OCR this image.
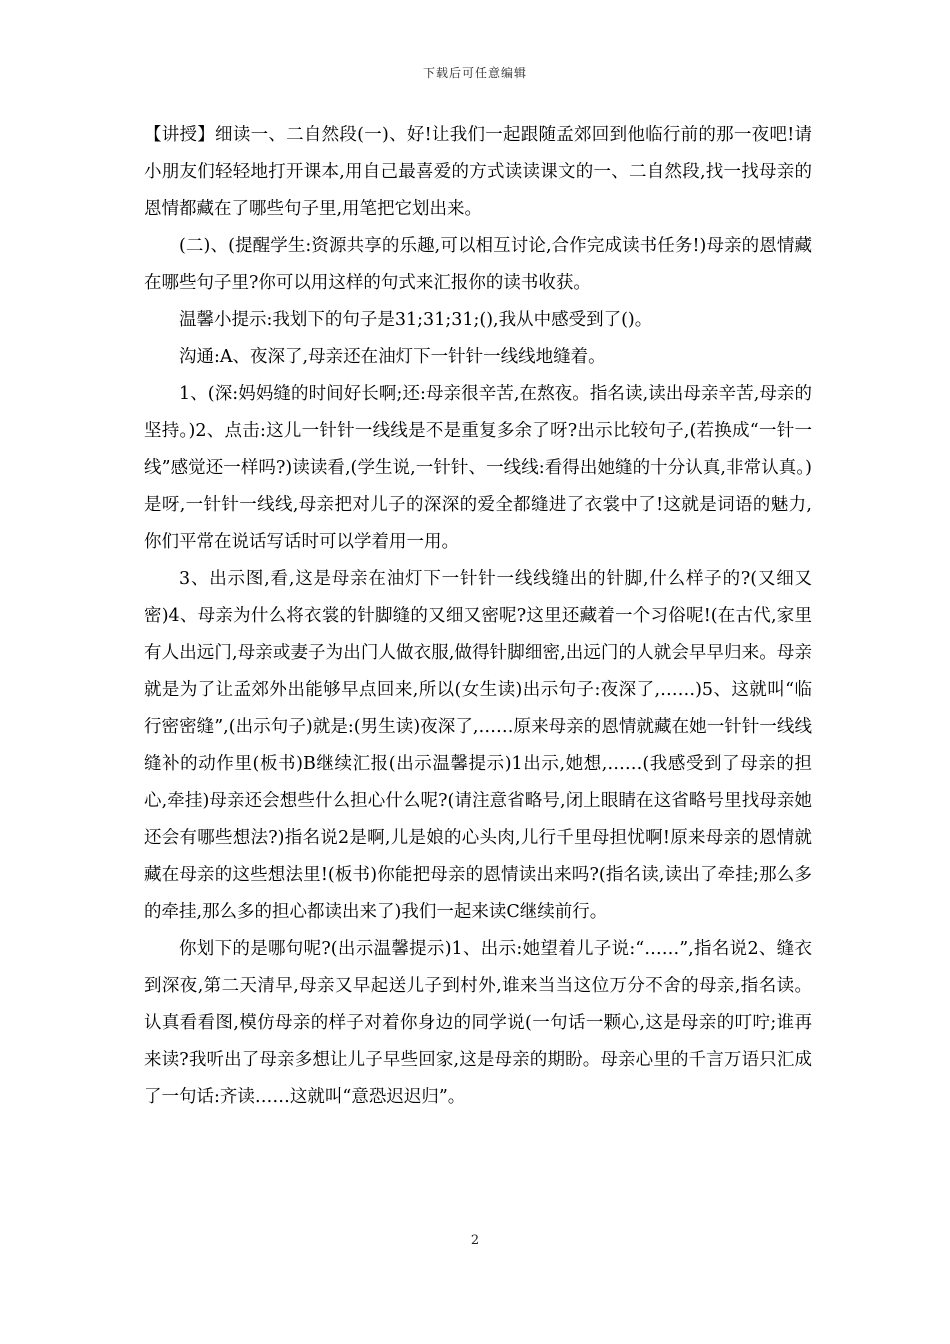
下载后可任意编辑

【讲授】细读一、二自然段(一)、好!让我们一起跟随孟郊回到他临行前的那一夜吧!请小朋友们轻轻地打开课本,用自己最喜爱的方式读读课文的一、二自然段,找一找母亲的恩情都藏在了哪些句子里,用笔把它划出来。

(二)、(提醒学生:资源共享的乐趣,可以相互讨论,合作完成读书任务!)母亲的恩情藏在哪些句子里?你可以用这样的句式来汇报你的读书收获。

温馨小提示:我划下的句子是31;31;31;(),我从中感受到了()。

沟通:A、夜深了,母亲还在油灯下一针针一线线地缝着。

1、(深:妈妈缝的时间好长啊;还:母亲很辛苦,在熬夜。指名读,读出母亲辛苦,母亲的坚持。)2、点击:这儿一针针一线线是不是重复多余了呀?出示比较句子,(若换成“一针一线”感觉还一样吗?)读读看,(学生说,一针针、一线线:看得出她缝的十分认真,非常认真。)是呀,一针针一线线,母亲把对儿子的深深的爱全都缝进了衣裳中了!这就是词语的魅力,你们平常在说话写话时可以学着用一用。

3、出示图,看,这是母亲在油灯下一针针一线线缝出的针脚,什么样子的?(又细又密)4、母亲为什么将衣裳的针脚缝的又细又密呢?这里还藏着一个习俗呢!(在古代,家里有人出远门,母亲或妻子为出门人做衣服,做得针脚细密,出远门的人就会早早归来。母亲就是为了让孟郊外出能够早点回来,所以(女生读)出示句子:夜深了,……)5、这就叫“临行密密缝”,(出示句子)就是:(男生读)夜深了,……原来母亲的恩情就藏在她一针针一线线缝补的动作里(板书)B继续汇报(出示温馨提示)1出示,她想,……(我感受到了母亲的担心,牵挂)母亲还会想些什么担心什么呢?(请注意省略号,闭上眼睛在这省略号里找母亲她还会有哪些想法?)指名说2是啊,儿是娘的心头肉,儿行千里母担忧啊!原来母亲的恩情就藏在母亲的这些想法里!(板书)你能把母亲的恩情读出来吗?(指名读,读出了牵挂;那么多的牵挂,那么多的担心都读出来了)我们一起来读C继续前行。

你划下的是哪句呢?(出示温馨提示)1、出示:她望着儿子说:“……”,指名说2、缝衣到深夜,第二天清早,母亲又早起送儿子到村外,谁来当当这位万分不舍的母亲,指名读。认真看看图,模仿母亲的样子对着你身边的同学说(一句话一颗心,这是母亲的叮咛;谁再来读?我听出了母亲多想让儿子早些回家,这是母亲的期盼。母亲心里的千言万语只汇成了一句话:齐读……这就叫“意恐迟迟归”。

2
